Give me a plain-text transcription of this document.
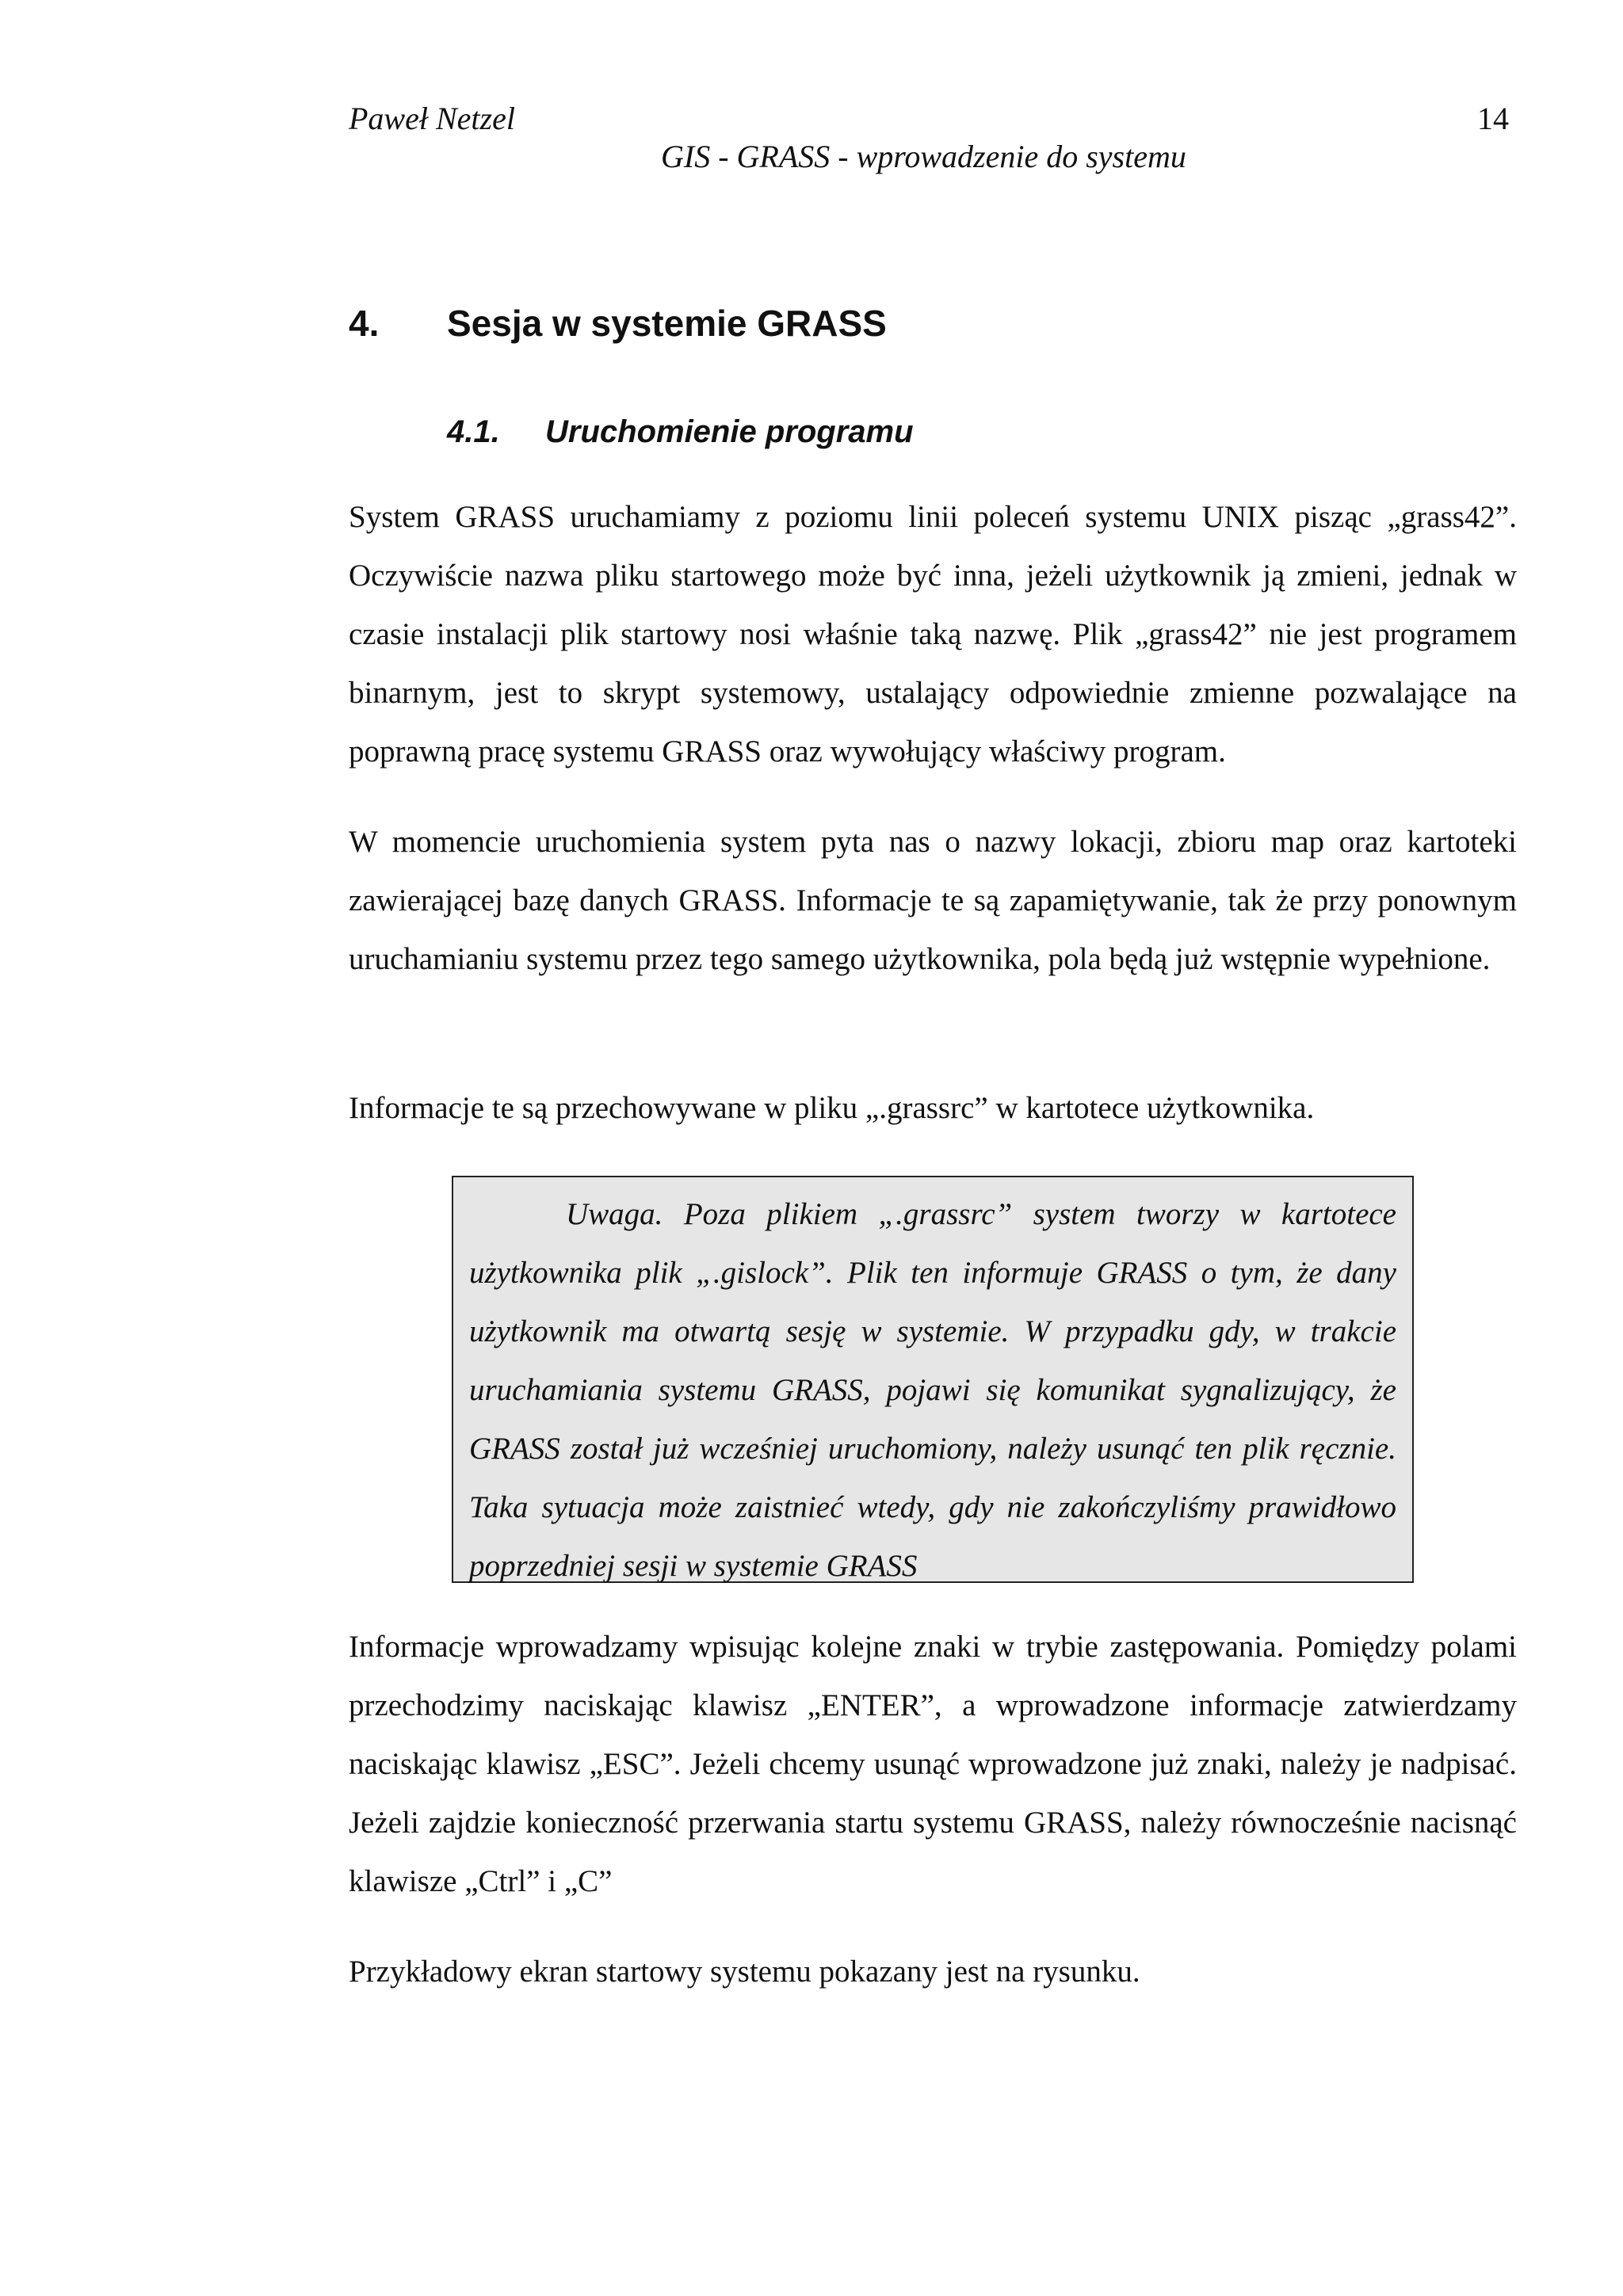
Paweł Netzel	14
GIS - GRASS - wprowadzenie do systemu
4. Sesja w systemie GRASS
4.1. Uruchomienie programu

System GRASS uruchamiamy z poziomu linii poleceń systemu UNIX pisząc „grass42”. Oczywiście nazwa pliku startowego może być inna, jeżeli użytkownik ją zmieni, jednak w czasie instalacji plik startowy nosi właśnie taką nazwę. Plik „grass42” nie jest programem binarnym, jest to skrypt systemowy, ustalający odpowiednie zmienne pozwalające na poprawną pracę systemu GRASS oraz wywołujący właściwy program.

W momencie uruchomienia system pyta nas o nazwy lokacji, zbioru map oraz kartoteki zawierającej bazę danych GRASS. Informacje te są zapamiętywanie, tak że przy ponownym uruchamianiu systemu przez tego samego użytkownika, pola będą już wstępnie wypełnione.

Informacje te są przechowywane w pliku „.grassrc” w kartotece użytkownika.

Uwaga. Poza plikiem „.grassrc” system tworzy w kartotece użytkownika plik „.gislock”. Plik ten informuje GRASS o tym, że dany użytkownik ma otwartą sesję w systemie. W przypadku gdy, w trakcie uruchamiania systemu GRASS, pojawi się komunikat sygnalizujący, że GRASS został już wcześniej uruchomiony, należy usunąć ten plik ręcznie. Taka sytuacja może zaistnieć wtedy, gdy nie zakończyliśmy prawidłowo poprzedniej sesji w systemie GRASS

Informacje wprowadzamy wpisując kolejne znaki w trybie zastępowania. Pomiędzy polami przechodzimy naciskając klawisz „ENTER”, a wprowadzone informacje zatwierdzamy naciskając klawisz „ESC”. Jeżeli chcemy usunąć wprowadzone już znaki, należy je nadpisać. Jeżeli zajdzie konieczność przerwania startu systemu GRASS, należy równocześnie nacisnąć klawisze „Ctrl” i „C”

Przykładowy ekran startowy systemu pokazany jest na rysunku.
